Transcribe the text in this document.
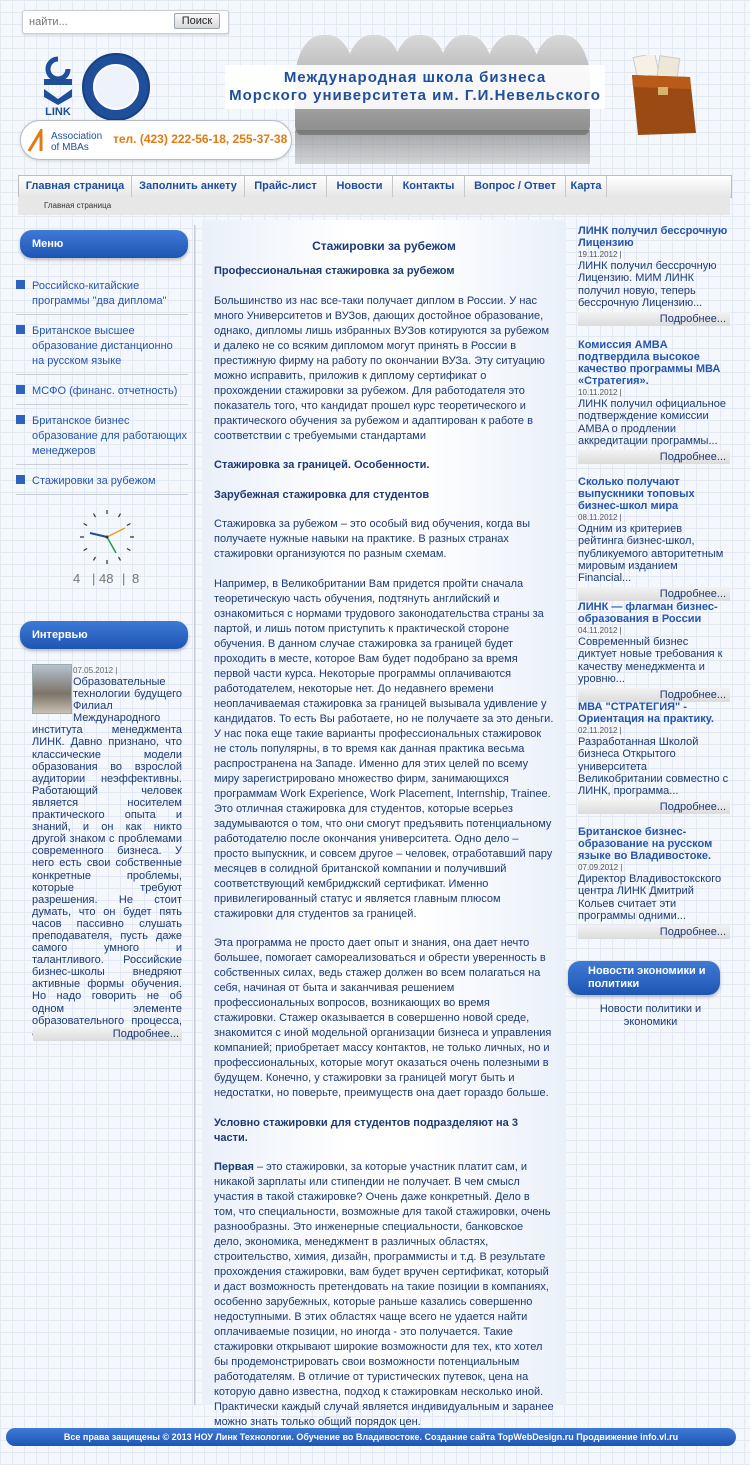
найти...
Поиск
LINK
Международная школа бизнеса
Морского университета им. Г.И.Невельского
Association
of MBAs
тел. (423) 222-56-18, 255-37-38
Главная страница	Заполнить анкету	Прайс-лист	Новости	Контакты	Вопрос / Ответ	Карта
Главная страница
Меню
Российско-китайские программы "два диплома"
Британское высшее образование дистанционно на русском языке
МСФО (финанс. отчетность)
Британское бизнес образование для работающих менеджеров
Стажировки за рубежом
4 | 48 | 8
Интервью
07.05.2012 |
Образовательные технологии будущего Филиал Международного института менеджмента ЛИНК. Давно признано, что классические модели образования во взрослой аудитории неэффективны. Работающий человек является носителем практического опыта и знаний, и он как никто другой знаком с проблемами современного бизнеса. У него есть свои собственные конкретные проблемы, которые требуют разрешения. Не стоит думать, что он будет пять часов пассивно слушать преподавателя, пусть даже самого умного и талантливого. Российские бизнес-школы внедряют активные формы обучения. Но надо говорить не об одном элементе образовательного процесса,
Подробнее...
Стажировки за рубежом

Профессиональная стажировка за рубежом

Большинство из нас все-таки получает диплом в России. У нас много Университетов и ВУЗов, дающих достойное образование, однако, дипломы лишь избранных ВУЗов котируются за рубежом и далеко не со всяким дипломом могут принять в России в престижную фирму на работу по окончании ВУЗа. Эту ситуацию можно исправить, приложив к диплому сертификат о прохождении стажировки за рубежом. Для работодателя это показатель того, что кандидат прошел курс теоретического и практического обучения за рубежом и адаптирован к работе в соответствии с требуемыми стандартами

Стажировка за границей. Особенности.

Зарубежная стажировка для студентов

Стажировка за рубежом – это особый вид обучения, когда вы получаете нужные навыки на практике. В разных странах стажировки организуются по разным схемам.

Например, в Великобритании Вам придется пройти сначала теоретическую часть обучения, подтянуть английский и ознакомиться с нормами трудового законодательства страны за партой, и лишь потом приступить к практической стороне обучения. В данном случае стажировка за границей будет проходить в месте, которое Вам будет подобрано за время первой части курса. Некоторые программы оплачиваются работодателем, некоторые нет. До недавнего времени неоплачиваемая стажировка за границей вызывала удивление у кандидатов. То есть Вы работаете, но не получаете за это деньги. У нас пока еще такие варианты профессиональных стажировок не столь популярны, в то время как данная практика весьма распространена на Западе. Именно для этих целей по всему миру зарегистрировано множество фирм, занимающихся программам Work Experience, Work Placement, Internship, Trainee. Это отличная стажировка для студентов, которые всерьез задумываются о том, что они смогут предъявить потенциальному работодателю после окончания университета. Одно дело – просто выпускник, и совсем другое – человек, отработавший пару месяцев в солидной британской компании и получивший соответствующий кембриджский сертификат. Именно привилегированный статус и является главным плюсом стажировки для студентов за границей.

Эта программа не просто дает опыт и знания, она дает нечто большее, помогает самореализоваться и обрести уверенность в собственных силах, ведь стажер должен во всем полагаться на себя, начиная от быта и заканчивая решением профессиональных вопросов, возникающих во время стажировки. Стажер оказывается в совершенно новой среде, знакомится с иной модельной организации бизнеса и управления компанией; приобретает массу контактов, не только личных, но и профессиональных, которые могут оказаться очень полезными в будущем. Конечно, у стажировки за границей могут быть и недостатки, но поверьте, преимуществ она дает гораздо больше.

Условно стажировки для студентов подразделяют на 3 части.

Первая – это стажировки, за которые участник платит сам, и никакой зарплаты или стипендии не получает. В чем смысл участия в такой стажировке? Очень даже конкретный. Дело в том, что специальности, возможные для такой стажировки, очень разнообразны. Это инженерные специальности, банковское дело, экономика, менеджмент в различных областях, строительство, химия, дизайн, программисты и т.д. В результате прохождения стажировки, вам будет вручен сертификат, который и даст возможность претендовать на такие позиции в компаниях, особенно зарубежных, которые раньше казались совершенно недоступными. В этих областях чаще всего не удается найти оплачиваемые позиции, но иногда - это получается. Такие стажировки открывают широкие возможности для тех, кто хотел бы продемонстрировать свои возможности потенциальным работодателям. В отличие от туристических путевок, цена на которую давно известна, подход к стажировкам несколько иной. Практически каждый случай является индивидуальным и заранее можно знать только общий порядок цен.

ЛИНК получил бессрочную Лицензию
19.11.2012 |
ЛИНК получил бессрочную Лицензию. МИМ ЛИНК получил новую, теперь бессрочную Лицензию...
Подробнее...
Комиссия AMBA подтвердила высокое качество программы МВА «Стратегия».
10.11.2012 |
ЛИНК получил официальное подтверждение комиссии AMBA о продлении аккредитации программы...
Подробнее...
Сколько получают выпускники топовых бизнес-школ мира
08.11.2012 |
Одним из критериев рейтинга бизнес-школ, публикуемого авторитетным мировым изданием Financial...
Подробнее...
ЛИНК — флагман бизнес-образования в России
04.11.2012 |
Современный бизнес диктует новые требования к качеству менеджмента и уровню...
Подробнее...
МВА "СТРАТЕГИЯ" - Ориентация на практику.
02.11.2012 |
Разработанная Школой бизнеса Открытого университета Великобритании совместно с ЛИНК, программа...
Подробнее...
Британское бизнес-образование на русском языке во Владивостоке.
07.09.2012 |
Директор Владивостокского центра ЛИНК Дмитрий Кольев считает эти программы одними...
Подробнее...
Новости экономики и политики
Новости политики и экономики
Все права защищены © 2013 НОУ Линк Технологии. Обучение во Владивостоке. Создание сайта TopWebDesign.ru Продвижение info.vl.ru
